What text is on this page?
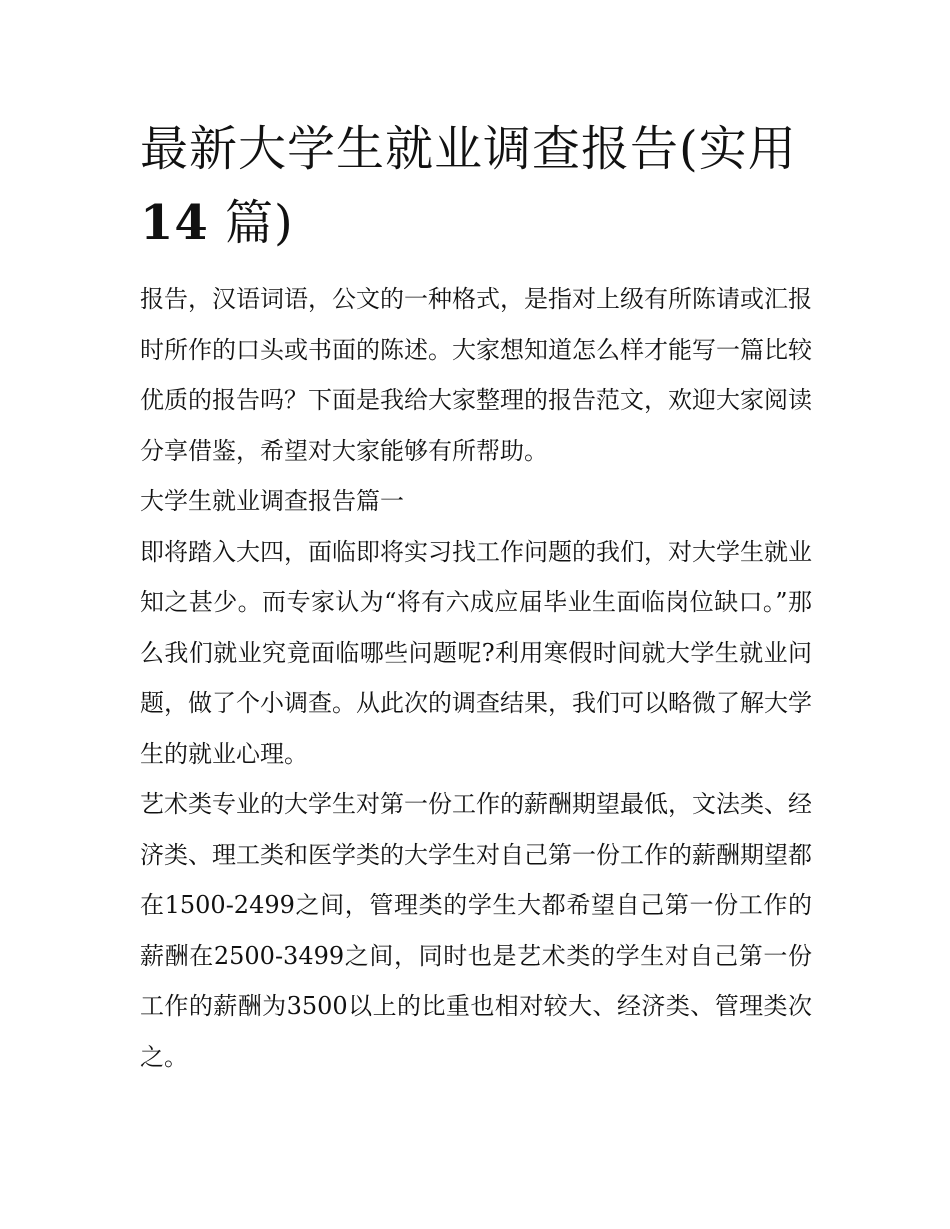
最新大学生就业调查报告(实用
14 篇)

报告，汉语词语，公文的一种格式，是指对上级有所陈请或汇报时所作的口头或书面的陈述。大家想知道怎么样才能写一篇比较优质的报告吗？下面是我给大家整理的报告范文，欢迎大家阅读分享借鉴，希望对大家能够有所帮助。

大学生就业调查报告篇一

即将踏入大四，面临即将实习找工作问题的我们，对大学生就业知之甚少。而专家认为“将有六成应届毕业生面临岗位缺口。”那么我们就业究竟面临哪些问题呢?利用寒假时间就大学生就业问题，做了个小调查。从此次的调查结果，我们可以略微了解大学生的就业心理。

艺术类专业的大学生对第一份工作的薪酬期望最低，文法类、经济类、理工类和医学类的大学生对自己第一份工作的薪酬期望都在1500-2499之间，管理类的学生大都希望自己第一份工作的薪酬在2500-3499之间，同时也是艺术类的学生对自己第一份工作的薪酬为3500以上的比重也相对较大、经济类、管理类次之。
